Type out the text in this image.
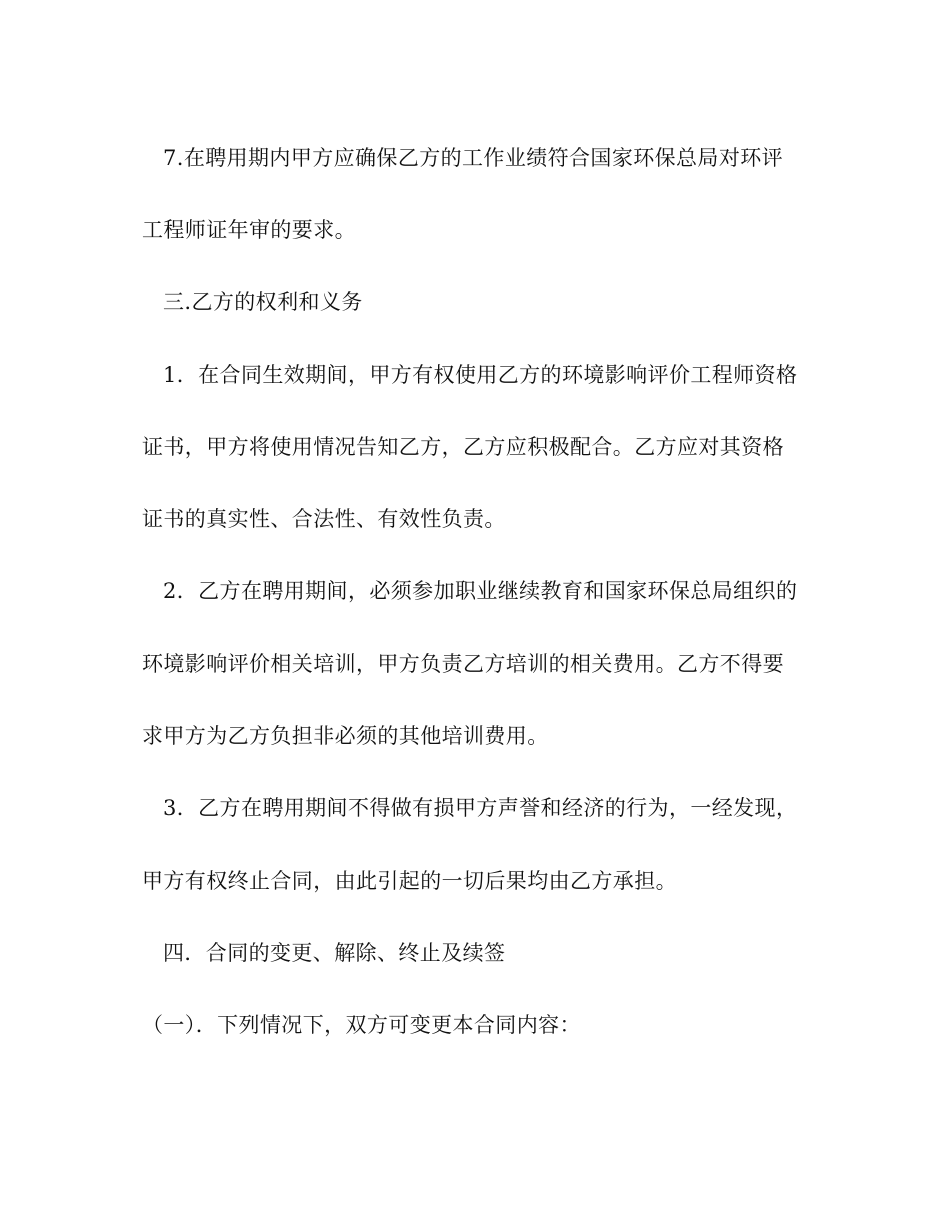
7.在聘用期内甲方应确保乙方的工作业绩符合国家环保总局对环评
工程师证年审的要求。
三.乙方的权利和义务
1．在合同生效期间，甲方有权使用乙方的环境影响评价工程师资格
证书，甲方将使用情况告知乙方，乙方应积极配合。乙方应对其资格
证书的真实性、合法性、有效性负责。
2．乙方在聘用期间，必须参加职业继续教育和国家环保总局组织的
环境影响评价相关培训，甲方负责乙方培训的相关费用。乙方不得要
求甲方为乙方负担非必须的其他培训费用。
3．乙方在聘用期间不得做有损甲方声誉和经济的行为，一经发现，
甲方有权终止合同，由此引起的一切后果均由乙方承担。
四．合同的变更、解除、终止及续签
（一）．下列情况下，双方可变更本合同内容：
